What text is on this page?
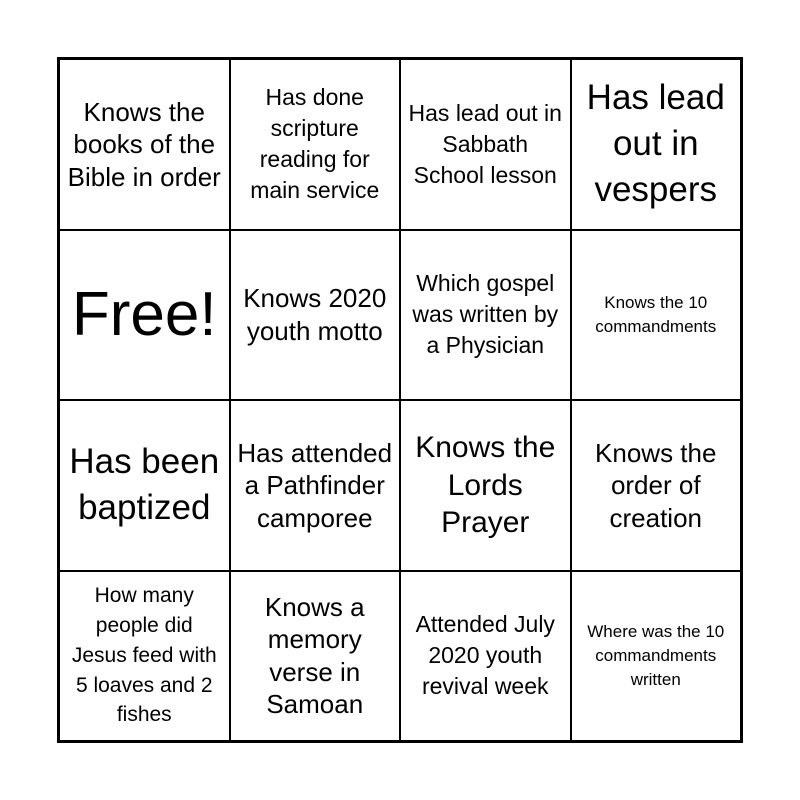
Knows the books of the Bible in order
Has done scripture reading for main service
Has lead out in Sabbath School lesson
Has lead out in vespers
Free! Knows 2020 youth motto
Which gospel was written by a Physician
Knows the 10 commandments
Has been baptized
Has attended a Pathfinder camporee
Knows the Lords Prayer
Knows the order of creation
How many people did Jesus feed with 5 loaves and 2 fishes
Knows a memory verse in Samoan
Attended July 2020 youth revival week
Where was the 10 commandments written
